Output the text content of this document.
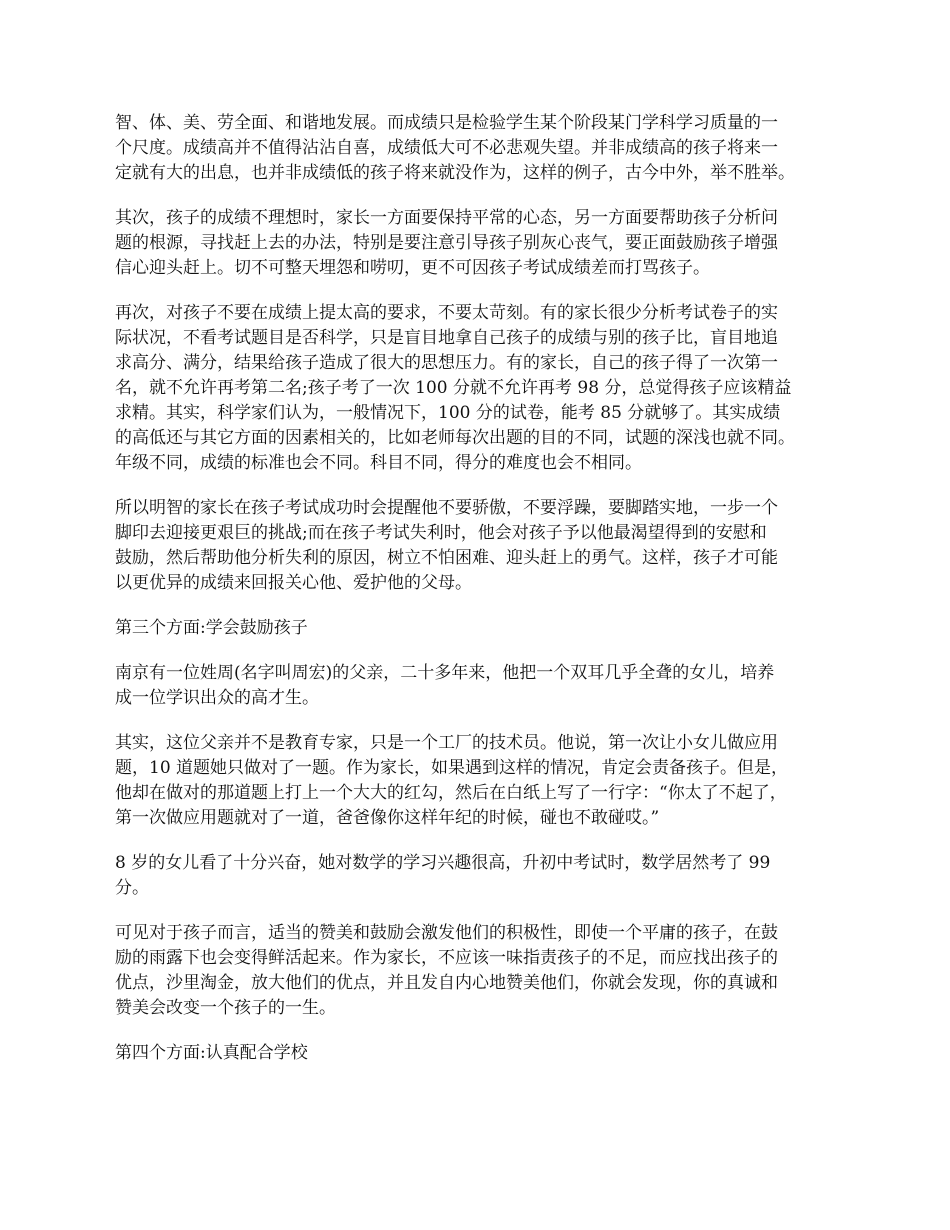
智、体、美、劳全面、和谐地发展。而成绩只是检验学生某个阶段某门学科学习质量的一
个尺度。成绩高并不值得沾沾自喜，成绩低大可不必悲观失望。并非成绩高的孩子将来一
定就有大的出息，也并非成绩低的孩子将来就没作为，这样的例子，古今中外，举不胜举。

其次，孩子的成绩不理想时，家长一方面要保持平常的心态，另一方面要帮助孩子分析问
题的根源，寻找赶上去的办法，特别是要注意引导孩子别灰心丧气，要正面鼓励孩子增强
信心迎头赶上。切不可整天埋怨和唠叨，更不可因孩子考试成绩差而打骂孩子。

再次，对孩子不要在成绩上提太高的要求，不要太苛刻。有的家长很少分析考试卷子的实
际状况，不看考试题目是否科学，只是盲目地拿自己孩子的成绩与别的孩子比，盲目地追
求高分、满分，结果给孩子造成了很大的思想压力。有的家长，自己的孩子得了一次第一
名，就不允许再考第二名;孩子考了一次 100 分就不允许再考 98 分，总觉得孩子应该精益
求精。其实，科学家们认为，一般情况下，100 分的试卷，能考 85 分就够了。其实成绩
的高低还与其它方面的因素相关的，比如老师每次出题的目的不同，试题的深浅也就不同。
年级不同，成绩的标准也会不同。科目不同，得分的难度也会不相同。

所以明智的家长在孩子考试成功时会提醒他不要骄傲，不要浮躁，要脚踏实地，一步一个
脚印去迎接更艰巨的挑战;而在孩子考试失利时，他会对孩子予以他最渴望得到的安慰和
鼓励，然后帮助他分析失利的原因，树立不怕困难、迎头赶上的勇气。这样，孩子才可能
以更优异的成绩来回报关心他、爱护他的父母。

第三个方面:学会鼓励孩子

南京有一位姓周(名字叫周宏)的父亲，二十多年来，他把一个双耳几乎全聋的女儿，培养
成一位学识出众的高才生。

其实，这位父亲并不是教育专家，只是一个工厂的技术员。他说，第一次让小女儿做应用
题，10 道题她只做对了一题。作为家长，如果遇到这样的情况，肯定会责备孩子。但是，
他却在做对的那道题上打上一个大大的红勾，然后在白纸上写了一行字：“你太了不起了，
第一次做应用题就对了一道，爸爸像你这样年纪的时候，碰也不敢碰哎。”

8 岁的女儿看了十分兴奋，她对数学的学习兴趣很高，升初中考试时，数学居然考了 99
分。

可见对于孩子而言，适当的赞美和鼓励会激发他们的积极性，即使一个平庸的孩子，在鼓
励的雨露下也会变得鲜活起来。作为家长，不应该一味指责孩子的不足，而应找出孩子的
优点，沙里淘金，放大他们的优点，并且发自内心地赞美他们，你就会发现，你的真诚和
赞美会改变一个孩子的一生。

第四个方面:认真配合学校
